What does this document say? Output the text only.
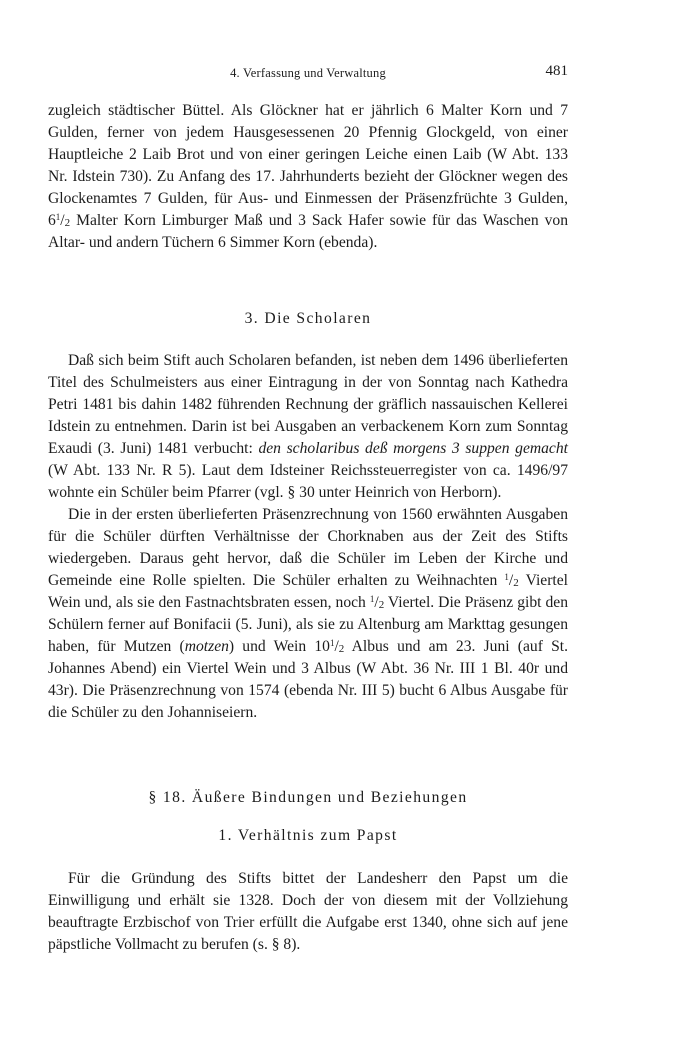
4. Verfassung und Verwaltung	481

zugleich städtischer Büttel. Als Glöckner hat er jährlich 6 Malter Korn und 7 Gulden, ferner von jedem Hausgesessenen 20 Pfennig Glockgeld, von einer Hauptleiche 2 Laib Brot und von einer geringen Leiche einen Laib (W Abt. 133 Nr. Idstein 730). Zu Anfang des 17. Jahrhunderts bezieht der Glöckner wegen des Glockenamtes 7 Gulden, für Aus- und Einmessen der Präsenzfrüchte 3 Gulden, $6^1/_2$ Malter Korn Limburger Maß und 3 Sack Hafer sowie für das Waschen von Altar- und andern Tüchern 6 Simmer Korn (ebenda).

3. Die Scholaren

Daß sich beim Stift auch Scholaren befanden, ist neben dem 1496 überlieferten Titel des Schulmeisters aus einer Eintragung in der von Sonntag nach Kathedra Petri 1481 bis dahin 1482 führenden Rechnung der gräflich nassauischen Kellerei Idstein zu entnehmen. Darin ist bei Ausgaben an verbackenem Korn zum Sonntag Exaudi (3. Juni) 1481 verbucht: den scholaribus deß morgens 3 suppen gemacht (W Abt. 133 Nr. R 5). Laut dem Idsteiner Reichssteuerregister von ca. 1496/97 wohnte ein Schüler beim Pfarrer (vgl. § 30 unter Heinrich von Herborn).

Die in der ersten überlieferten Präsenzrechnung von 1560 erwähnten Ausgaben für die Schüler dürften Verhältnisse der Chorknaben aus der Zeit des Stifts wiedergeben. Daraus geht hervor, daß die Schüler im Leben der Kirche und Gemeinde eine Rolle spielten. Die Schüler erhalten zu Weihnachten $^1/_2$ Viertel Wein und, als sie den Fastnachtsbraten essen, noch $^1/_2$ Viertel. Die Präsenz gibt den Schülern ferner auf Bonifacii (5. Juni), als sie zu Altenburg am Markttag gesungen haben, für Mutzen (motzen) und Wein $10^1/_2$ Albus und am 23. Juni (auf St. Johannes Abend) ein Viertel Wein und 3 Albus (W Abt. 36 Nr. III 1 Bl. 40r und 43r). Die Präsenzrechnung von 1574 (ebenda Nr. III 5) bucht 6 Albus Ausgabe für die Schüler zu den Johanniseiern.

§ 18. Äußere Bindungen und Beziehungen
1. Verhältnis zum Papst

Für die Gründung des Stifts bittet der Landesherr den Papst um die Einwilligung und erhält sie 1328. Doch der von diesem mit der Vollziehung beauftragte Erzbischof von Trier erfüllt die Aufgabe erst 1340, ohne sich auf jene päpstliche Vollmacht zu berufen (s. § 8).
